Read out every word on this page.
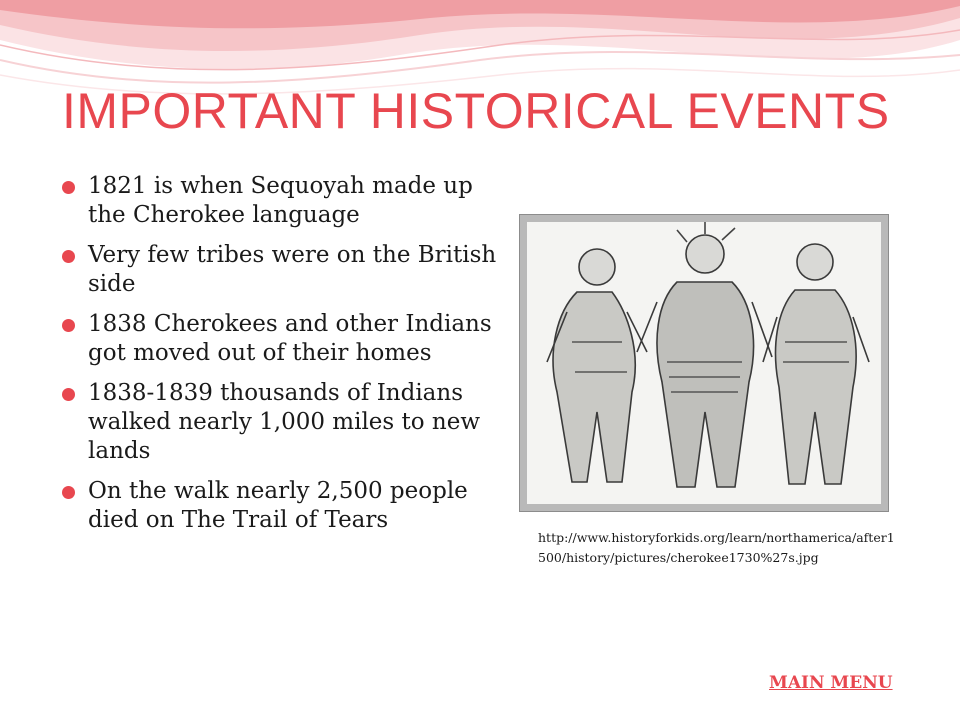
IMPORTANT HISTORICAL EVENTS
1821 is when Sequoyah made up the Cherokee language
Very few tribes were on the British side
1838 Cherokees and other Indians got moved out of their homes
1838-1839 thousands of Indians walked nearly 1,000 miles to new lands
On the walk nearly 2,500 people died on The Trail of Tears
http://www.historyforkids.org/learn/northamerica/after1500/history/pictures/cherokee1730%27s.jpg
MAIN MENU
